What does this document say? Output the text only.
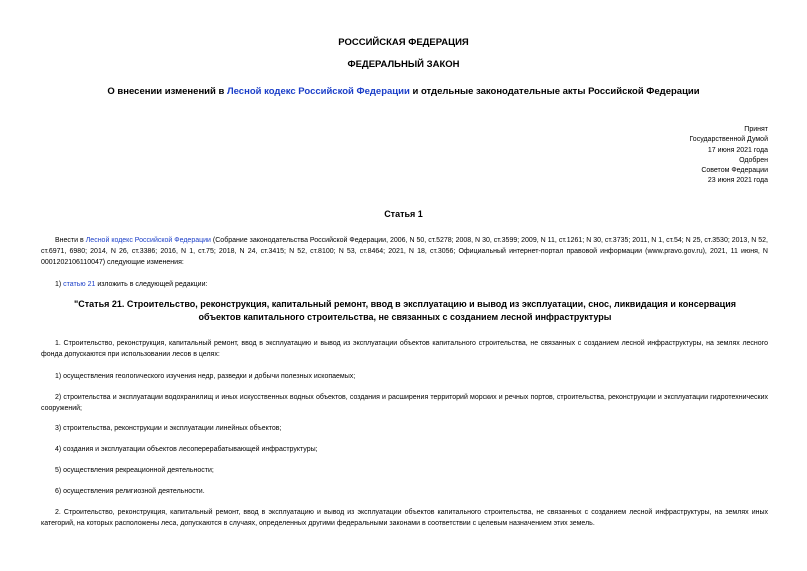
РОССИЙСКАЯ ФЕДЕРАЦИЯ
ФЕДЕРАЛЬНЫЙ ЗАКОН
О внесении изменений в Лесной кодекс Российской Федерации и отдельные законодательные акты Российской Федерации
Принят
Государственной Думой
17 июня 2021 года
Одобрен
Советом Федерации
23 июня 2021 года
Статья 1
Внести в Лесной кодекс Российской Федерации (Собрание законодательства Российской Федерации, 2006, N 50, ст.5278; 2008, N 30, ст.3599; 2009, N 11, ст.1261; N 30, ст.3735; 2011, N 1, ст.54; N 25, ст.3530; 2013, N 52, ст.6971, 6980; 2014, N 26, ст.3386; 2016, N 1, ст.75; 2018, N 24, ст.3415; N 52, ст.8100; N 53, ст.8464; 2021, N 18, ст.3056; Официальный интернет-портал правовой информации (www.pravo.gov.ru), 2021, 11 июня, N 0001202106110047) следующие изменения:
1) статью 21 изложить в следующей редакции:
"Статья 21. Строительство, реконструкция, капитальный ремонт, ввод в эксплуатацию и вывод из эксплуатации, снос, ликвидация и консервация объектов капитального строительства, не связанных с созданием лесной инфраструктуры
1. Строительство, реконструкция, капитальный ремонт, ввод в эксплуатацию и вывод из эксплуатации объектов капитального строительства, не связанных с созданием лесной инфраструктуры, на землях лесного фонда допускаются при использовании лесов в целях:
1) осуществления геологического изучения недр, разведки и добычи полезных ископаемых;
2) строительства и эксплуатации водохранилищ и иных искусственных водных объектов, создания и расширения территорий морских и речных портов, строительства, реконструкции и эксплуатации гидротехнических сооружений;
3) строительства, реконструкции и эксплуатации линейных объектов;
4) создания и эксплуатации объектов лесоперерабатывающей инфраструктуры;
5) осуществления рекреационной деятельности;
6) осуществления религиозной деятельности.
2. Строительство, реконструкция, капитальный ремонт, ввод в эксплуатацию и вывод из эксплуатации объектов капитального строительства, не связанных с созданием лесной инфраструктуры, на землях иных категорий, на которых расположены леса, допускаются в случаях, определенных другими федеральными законами в соответствии с целевым назначением этих земель.
